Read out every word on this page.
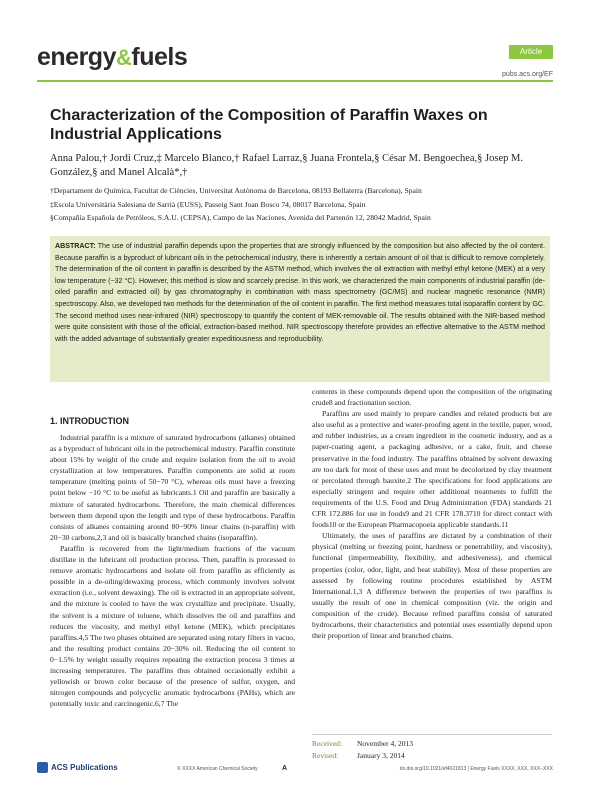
energy&fuels	Article
pubs.acs.org/EF
Characterization of the Composition of Paraffin Waxes on Industrial Applications
Anna Palou,† Jordi Cruz,‡ Marcelo Blanco,† Rafael Larraz,§ Juana Frontela,§ César M. Bengoechea,§ Josep M. González,§ and Manel Alcalà*,†
†Departament de Química, Facultat de Ciències, Universitat Autònoma de Barcelona, 08193 Bellaterra (Barcelona), Spain
‡Escola Universitària Salesiana de Sarrià (EUSS), Passeig Sant Joan Bosco 74, 08017 Barcelona, Spain
§Compañía Española de Petróleos, S.A.U. (CEPSA), Campo de las Naciones, Avenida del Partenón 12, 28042 Madrid, Spain
ABSTRACT: The use of industrial paraffin depends upon the properties that are strongly influenced by the composition but also affected by the oil content. Because paraffin is a byproduct of lubricant oils in the petrochemical industry, there is inherently a certain amount of oil that is difficult to remove completely. The determination of the oil content in paraffin is described by the ASTM method, which involves the oil extraction with methyl ethyl ketone (MEK) at a very low temperature (−32 °C). However, this method is slow and scarcely precise. In this work, we characterized the main components of industrial paraffin (de-oiled paraffin and extracted oil) by gas chromatography in combination with mass spectrometry (GC/MS) and nuclear magnetic resonance (NMR) spectroscopy. Also, we developed two methods for the determination of the oil content in paraffin. The first method measures total isoparaffin content by GC. The second method uses near-infrared (NIR) spectroscopy to quantify the content of MEK-removable oil. The results obtained with the NIR-based method were quite consistent with those of the official, extraction-based method. NIR spectroscopy therefore provides an effective alternative to the ASTM method with the added advantage of substantially greater expeditiousness and reproducibility.
1. INTRODUCTION

Industrial paraffin is a mixture of saturated hydrocarbons (alkanes) obtained as a byproduct of lubricant oils in the petrochemical industry. Paraffin constitute about 15% by weight of the crude and require isolation from the oil to avoid crystallization at low temperatures. Paraffin components are solid at room temperature (melting points of 50−70 °C), whereas oils must have a freezing point below −10 °C to be useful as lubricants.1 Oil and paraffin are basically a mixture of saturated hydrocarbons. Therefore, the main chemical differences between them depend upon the length and type of these hydrocarbons. Paraffin consists of alkanes containing around 80−90% linear chains (n-paraffin) with 20−30 carbons,2,3 and oil is basically branched chains (isoparaffin).

Paraffin is recovered from the light/medium fractions of the vacuum distillate in the lubricant oil production process. Then, paraffin is processed to remove aromatic hydrocarbons and isolate oil from paraffin as efficiently as possible in a de-oiling/dewaxing process, which commonly involves solvent extraction (i.e., solvent dewaxing). The oil is extracted in an appropriate solvent, and the mixture is cooled to have the wax crystallize and precipitate. Usually, the solvent is a mixture of toluene, which dissolves the oil and paraffins and reduces the viscosity, and methyl ethyl ketone (MEK), which precipitates paraffins.4,5 The two phases obtained are separated using rotary filters in vacuo, and the resulting product contains 20−30% oil. Reducing the oil content to 0−1.5% by weight usually requires repeating the extraction process 3 times at increasing temperatures. The paraffins thus obtained occasionally exhibit a yellowish or brown color because of the presence of sulfur, oxygen, and nitrogen compounds and polycyclic aromatic hydrocarbons (PAHs), which are potentially toxic and carcinogenic.6,7 The

contents in these compounds depend upon the composition of the originating crude8 and fractionation section.

Paraffins are used mainly to prepare candles and related products but are also useful as a protective and water-proofing agent in the textile, paper, wood, and rubber industries, as a cream ingredient in the cosmetic industry, and as a paper-coating agent, a packaging adhesive, or a cake, fruit, and cheese preservative in the food industry. The paraffins obtained by solvent dewaxing are too dark for most of these uses and must be decolorized by clay treatment or percolated through bauxite.2 The specifications for food applications are especially stringent and require other additional treatments to fulfill the requirements of the U.S. Food and Drug Administration (FDA) standards 21 CFR 172.886 for use in foods9 and 21 CFR 178.3710 for direct contact with foods10 or the European Pharmacopoeia applicable standards.11

Ultimately, the uses of paraffins are dictated by a combination of their physical (melting or freezing point, hardness or penetrability, and viscosity), functional (impermeability, flexibility, and adhesiveness), and chemical properties (color, odor, light, and heat stability). Most of these properties are assessed by following routine procedures established by ASTM International.1,3 A difference between the properties of two paraffins is usually the result of one in chemical composition (viz. the origin and composition of the crude). Because refined paraffins consist of saturated hydrocarbons, their characteristics and potential uses essentially depend upon their proportion of linear and branched chains.

Received: November 4, 2013
Revised:	January 3, 2014
ACS Publications	© XXXX American Chemical Society	A	dx.doi.org/10.1021/ef4021813 | Energy Fuels XXXX, XXX, XXX−XXX
